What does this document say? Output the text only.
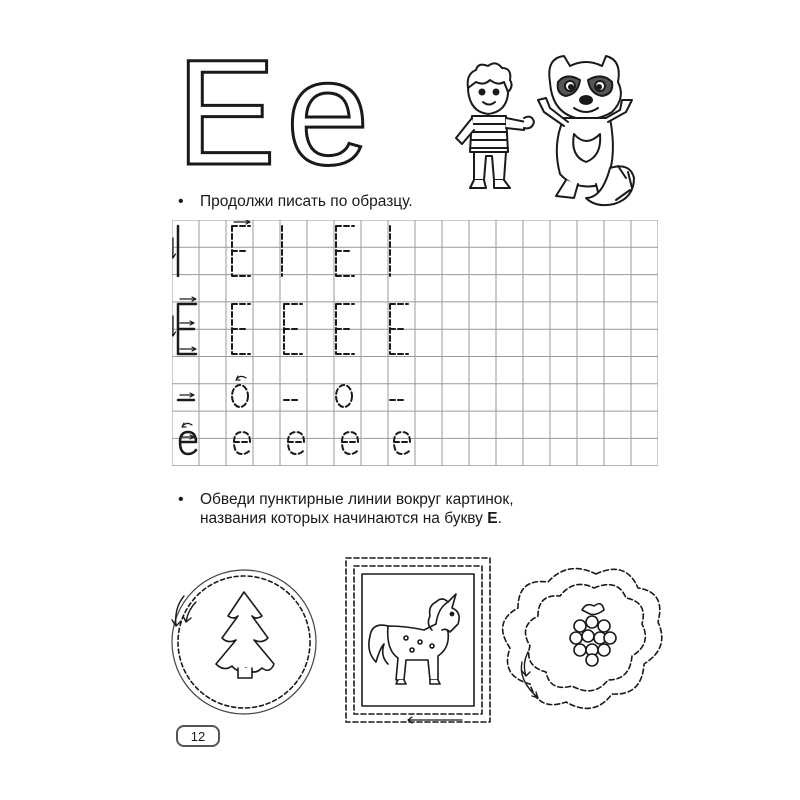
E e
• Продолжи писать по образцу.
• Обведи пунктирные линии вокруг картинок,
названия которых начинаются на букву Е.
12
